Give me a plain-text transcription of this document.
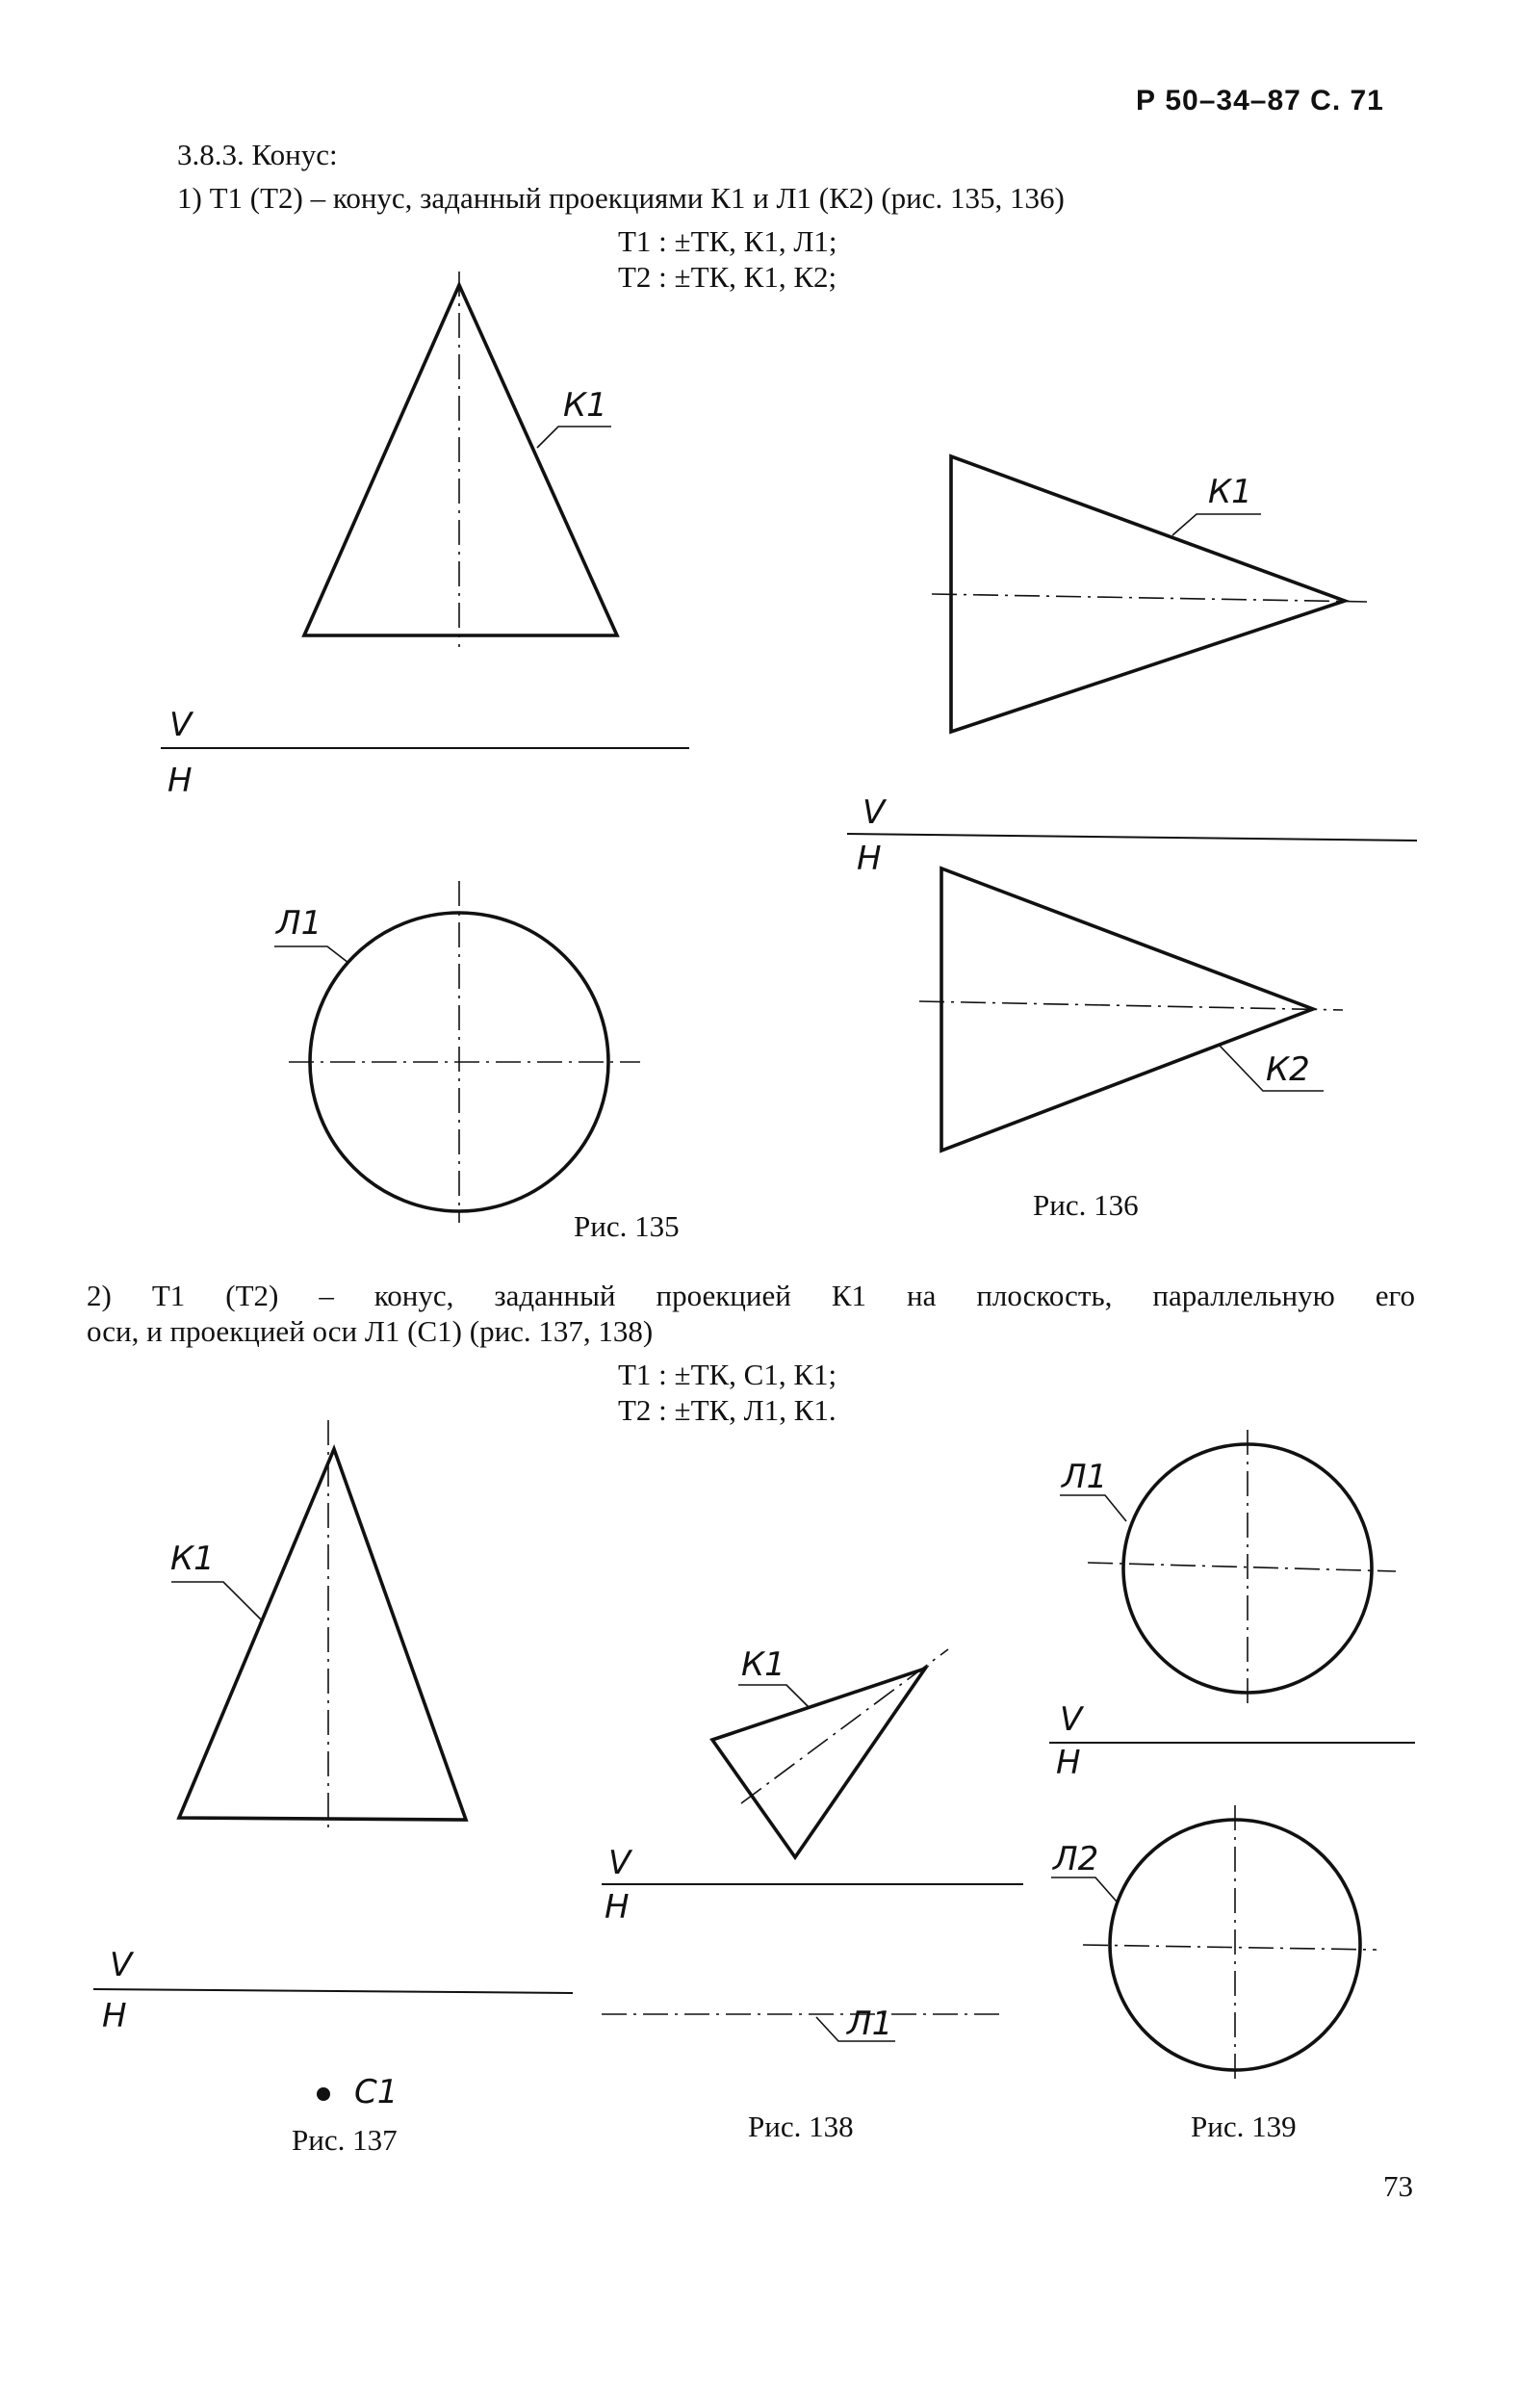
Р 50–34–87 С. 71
3.8.3. Конус:
1) Т1 (Т2) – конус, заданный проекциями К1 и Л1 (К2) (рис. 135, 136)
Т1 : ±ТК, К1, Л1;
Т2 : ±ТК, К1, К2;
2) Т1 (Т2) – конус, заданный проекцией К1 на плоскость, параллельную его
оси, и проекцией оси Л1 (С1) (рис. 137, 138)
Т1 : ±ТК, С1, К1;
Т2 : ±ТК, Л1, К1.
Рис. 135
Рис. 136
Рис. 137	Рис. 138	Рис. 139
73
К1
V
H
Л1
К1
V
H
К2
К1
V
H
С1
К1
V
H
Л1
Л1
V
H
Л2
